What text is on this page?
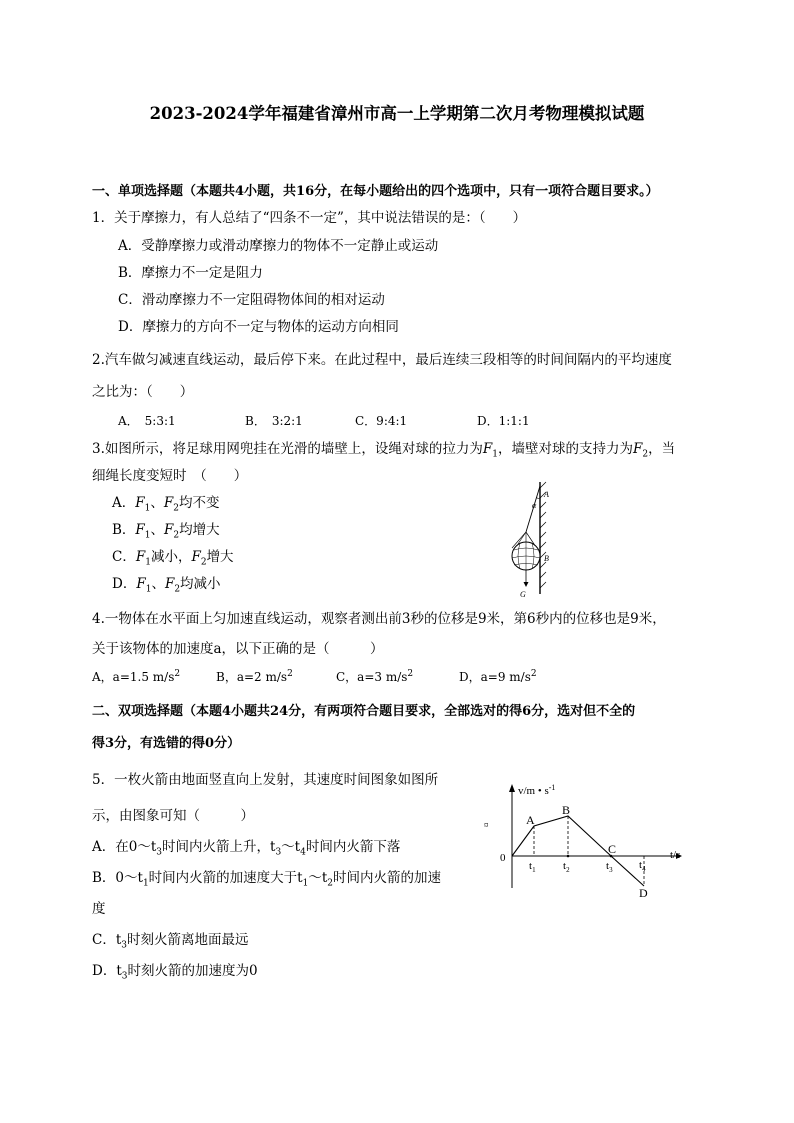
2023-2024学年福建省漳州市高一上学期第二次月考物理模拟试题
一、单项选择题（本题共4小题，共16分，在每小题给出的四个选项中，只有一项符合题目要求。）
1．关于摩擦力，有人总结了“四条不一定”，其中说法错误的是：（　　）
A．受静摩擦力或滑动摩擦力的物体不一定静止或运动
B．摩擦力不一定是阻力
C．滑动摩擦力不一定阻碍物体间的相对运动
D．摩擦力的方向不一定与物体的运动方向相同
2.汽车做匀减速直线运动，最后停下来。在此过程中，最后连续三段相等的时间间隔内的平均速度
之比为：（　　）
A．　5:3:1	B．　3:2:1	C．9:4:1	D．1:1:1
3.如图所示，将足球用网兜挂在光滑的墙壁上，设绳对球的拉力为$F_1$，墙壁对球的支持力为$F_2$，当
细绳长度变短时　（　　）
A．$F_1$、$F_2$均不变
B．$F_1$、$F_2$均增大
C．$F_1$减小，$F_2$增大
D．$F_1$、$F_2$均减小
A
α
B
G
4.一物体在水平面上匀加速直线运动，观察者测出前3秒的位移是9米，第6秒内的位移也是9米，
关于该物体的加速度a，以下正确的是（　　　）
A，a=1.5 $m/s^2$	B，a=2 $m/s^2$	C，a=3 $m/s^2$	D，a=9 $m/s^2$
二、双项选择题（本题4小题共24分，有两项符合题目要求，全部选对的得6分，选对但不全的
得3分，有选错的得0分）
5．一枚火箭由地面竖直向上发射，其速度时间图象如图所
示，由图象可知（　　　）
A．在$0\sim t_3$时间内火箭上升，$t_3\sim t_4$时间内火箭下落
B．$0\sim t_1$时间内火箭的加速度大于$t_1\sim t_2$时间内火箭的加速
度
C．$t_3$时刻火箭离地面最远
D．$t_3$时刻火箭的加速度为0
v/m • $s^{-1}$
t/s
0
A
B
C
D
$t_1$ $t_2$	$t_3$ $t_4$
¤
